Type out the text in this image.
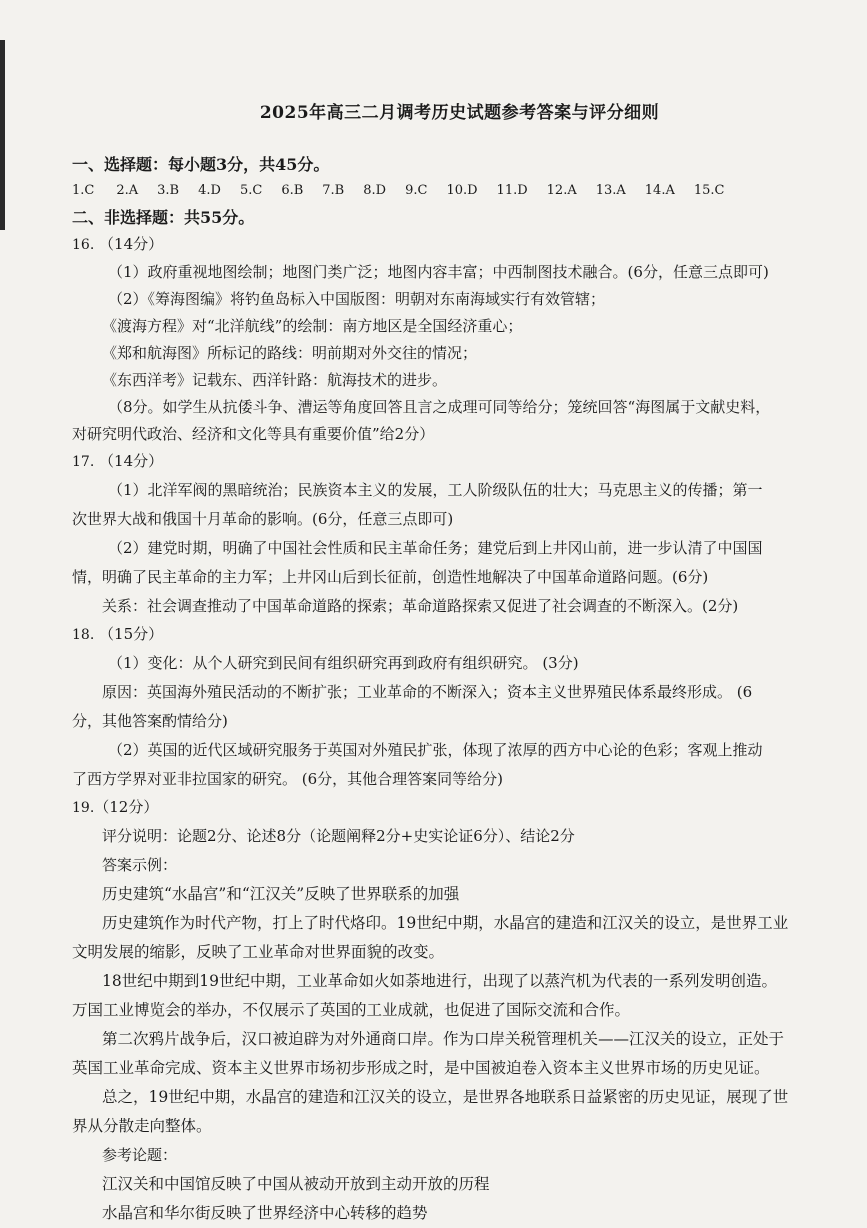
2025年高三二月调考历史试题参考答案与评分细则
一、选择题：每小题3分，共45分。
1.C 2.A 3.B 4.D 5.C 6.B 7.B 8.D 9.C 10.D 11.D 12.A 13.A 14.A 15.C
二、非选择题：共55分。

16. （14分）

（1）政府重视地图绘制；地图门类广泛；地图内容丰富；中西制图技术融合。(6分，任意三点即可)

（2）《筹海图编》将钓鱼岛标入中国版图：明朝对东南海域实行有效管辖；

《渡海方程》对“北洋航线”的绘制：南方地区是全国经济重心；

《郑和航海图》所标记的路线：明前期对外交往的情况；

《东西洋考》记载东、西洋针路：航海技术的进步。

（8分。如学生从抗倭斗争、漕运等角度回答且言之成理可同等给分；笼统回答“海图属于文献史料，

对研究明代政治、经济和文化等具有重要价值”给2分）

17. （14分）

（1）北洋军阀的黑暗统治；民族资本主义的发展，工人阶级队伍的壮大；马克思主义的传播；第一

次世界大战和俄国十月革命的影响。(6分，任意三点即可)

（2）建党时期，明确了中国社会性质和民主革命任务；建党后到上井冈山前，进一步认清了中国国

情，明确了民主革命的主力军；上井冈山后到长征前，创造性地解决了中国革命道路问题。(6分)

关系：社会调查推动了中国革命道路的探索；革命道路探索又促进了社会调查的不断深入。(2分)

18. （15分）

（1）变化：从个人研究到民间有组织研究再到政府有组织研究。 (3分)

原因：英国海外殖民活动的不断扩张；工业革命的不断深入；资本主义世界殖民体系最终形成。 (6

分，其他答案酌情给分)

（2）英国的近代区域研究服务于英国对外殖民扩张，体现了浓厚的西方中心论的色彩；客观上推动

了西方学界对亚非拉国家的研究。 (6分，其他合理答案同等给分)

19.（12分）

评分说明：论题2分、论述8分（论题阐释2分+史实论证6分）、结论2分

答案示例：

历史建筑“水晶宫”和“江汉关”反映了世界联系的加强

历史建筑作为时代产物，打上了时代烙印。19世纪中期，水晶宫的建造和江汉关的设立，是世界工业

文明发展的缩影，反映了工业革命对世界面貌的改变。

18世纪中期到19世纪中期，工业革命如火如荼地进行，出现了以蒸汽机为代表的一系列发明创造。

万国工业博览会的举办，不仅展示了英国的工业成就，也促进了国际交流和合作。

第二次鸦片战争后，汉口被迫辟为对外通商口岸。作为口岸关税管理机关——江汉关的设立，正处于

英国工业革命完成、资本主义世界市场初步形成之时，是中国被迫卷入资本主义世界市场的历史见证。

总之，19世纪中期，水晶宫的建造和江汉关的设立，是世界各地联系日益紧密的历史见证，展现了世

界从分散走向整体。

参考论题：

江汉关和中国馆反映了中国从被动开放到主动开放的历程

水晶宫和华尔街反映了世界经济中心转移的趋势
